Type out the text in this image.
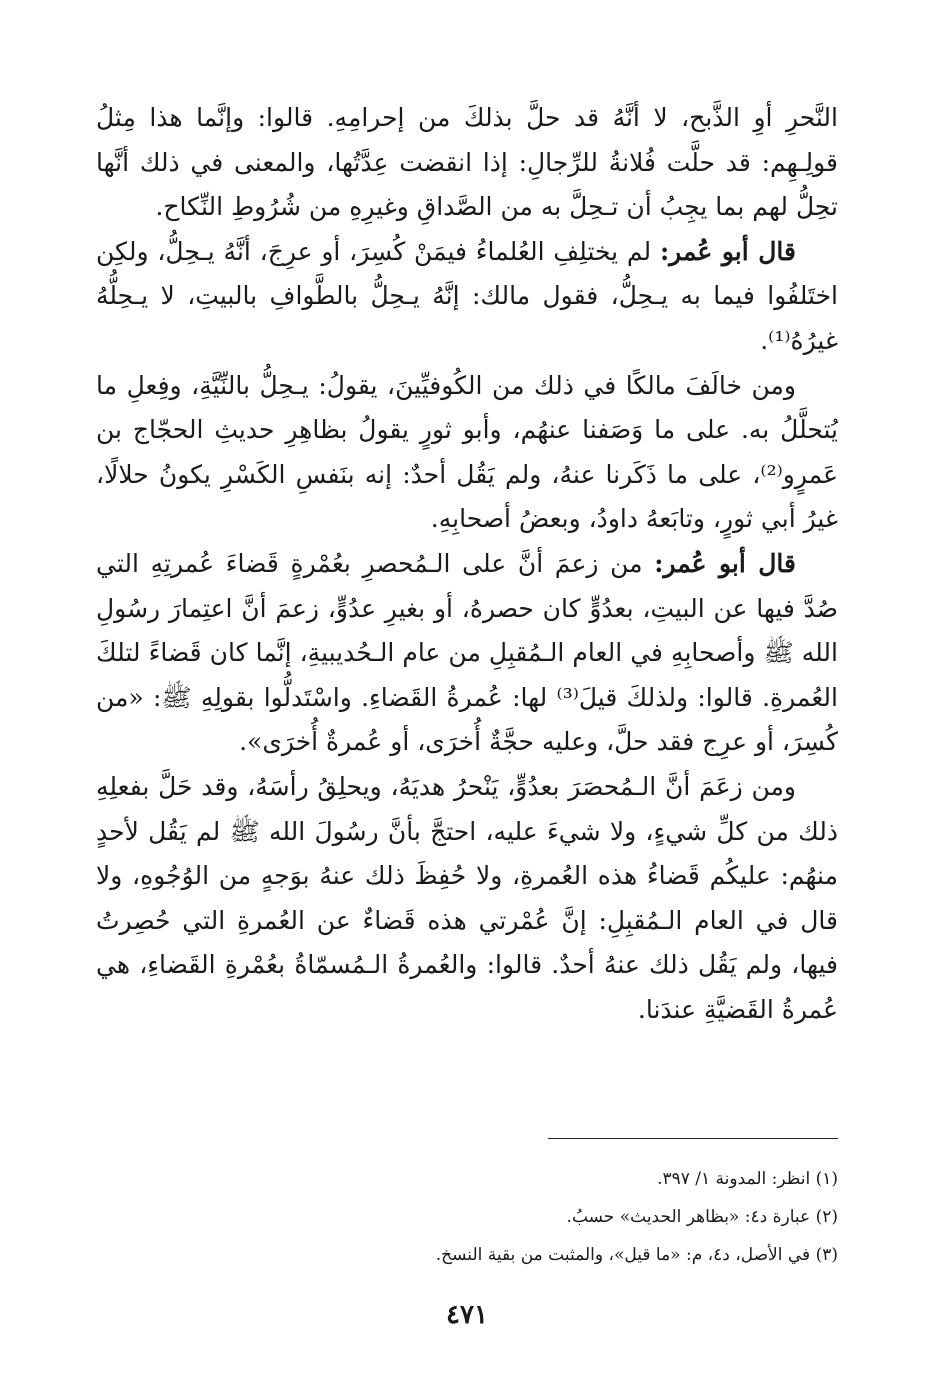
النَّحرِ أوِ الذَّبح، لا أنَّهُ قد حلَّ بذلكَ من إحرامِهِ. قالوا: وإنَّما هذا مِثلُ قولِـهِم: قد حلَّت فُلانةُ للرِّجالِ: إذا انقضت عِدَّتُها، والمعنى في ذلك أنَّها تحِلُّ لهم بما يجِبُ أن تـحِلَّ به من الصَّداقِ وغيرِهِ من شُرُوطِ النِّكاح.

قال أبو عُمر: لم يختلِفِ العُلماءُ فيمَنْ كُسِرَ، أو عرِجَ، أنَّهُ يـحِلُّ، ولكِن اختَلفُوا فيما به يـحِلُّ، فقول مالك: إنَّهُ يـحِلُّ بالطَّوافِ بالبيتِ، لا يـحِلُّهُ غيرُهُ⁽¹⁾.

ومن خالَفَ مالكًا في ذلك من الكُوفيِّينَ، يقولُ: يـحِلُّ بالنِّيَّةِ، وفِعلِ ما يُتحلَّلُ به. على ما وَصَفنا عنهُم، وأبو ثورٍ يقولُ بظاهِرِ حديثِ الحجّاج بن عَمرٍو⁽²⁾، على ما ذَكَرنا عنهُ، ولم يَقُل أحدٌ: إنه بنَفسِ الكَسْرِ يكونُ حلالًا، غيرُ أبي ثورٍ، وتابَعهُ داودُ، وبعضُ أصحابِهِ.

قال أبو عُمر: من زعمَ أنَّ على الـمُحصرِ بعُمْرةٍ قَضاءَ عُمرتِهِ التي صُدَّ فيها عن البيتِ، بعدُوٍّ كان حصرهُ، أو بغيرِ عدُوٍّ، زعمَ أنَّ اعتِمارَ رسُولِ الله ﷺ وأصحابِهِ في العام الـمُقبِلِ من عام الـحُديبيةِ، إنَّما كان قَضاءً لتلكَ العُمرةِ. قالوا: ولذلكَ قيلَ⁽³⁾ لها: عُمرةُ القَضاءِ. واسْتَدلُّوا بقولِهِ ﷺ: «من كُسِرَ، أو عرِج فقد حلَّ، وعليه حجَّةٌ أُخرَى، أو عُمرةٌ أُخرَى».

ومن زعَمَ أنَّ الـمُحصَرَ بعدُوٍّ، يَنْحرُ هديَهُ، ويحلِقُ رأسَهُ، وقد حَلَّ بفعلِهِ ذلك من كلِّ شيءٍ، ولا شيءَ عليه، احتجَّ بأنَّ رسُولَ الله ﷺ لم يَقُل لأحدٍ منهُم: عليكُم قَضاءُ هذه العُمرةِ، ولا حُفِظَ ذلك عنهُ بوَجهٍ من الوُجُوهِ، ولا قال في العام الـمُقبِلِ: إنَّ عُمْرتي هذه قَضاءٌ عن العُمرةِ التي حُصِرتُ فيها، ولم يَقُل ذلك عنهُ أحدٌ. قالوا: والعُمرةُ الـمُسمّاةُ بعُمْرةِ القَضاءِ، هي عُمرةُ القَضيَّةِ عندَنا.

(١) انظر: المدونة ١/ ٣٩٧.

(٢) عبارة د٤: «بظاهر الحديث» حسبُ.

(٣) في الأصل، د٤، م: «ما قيل»، والمثبت من بقية النسخ.

٤٧١
